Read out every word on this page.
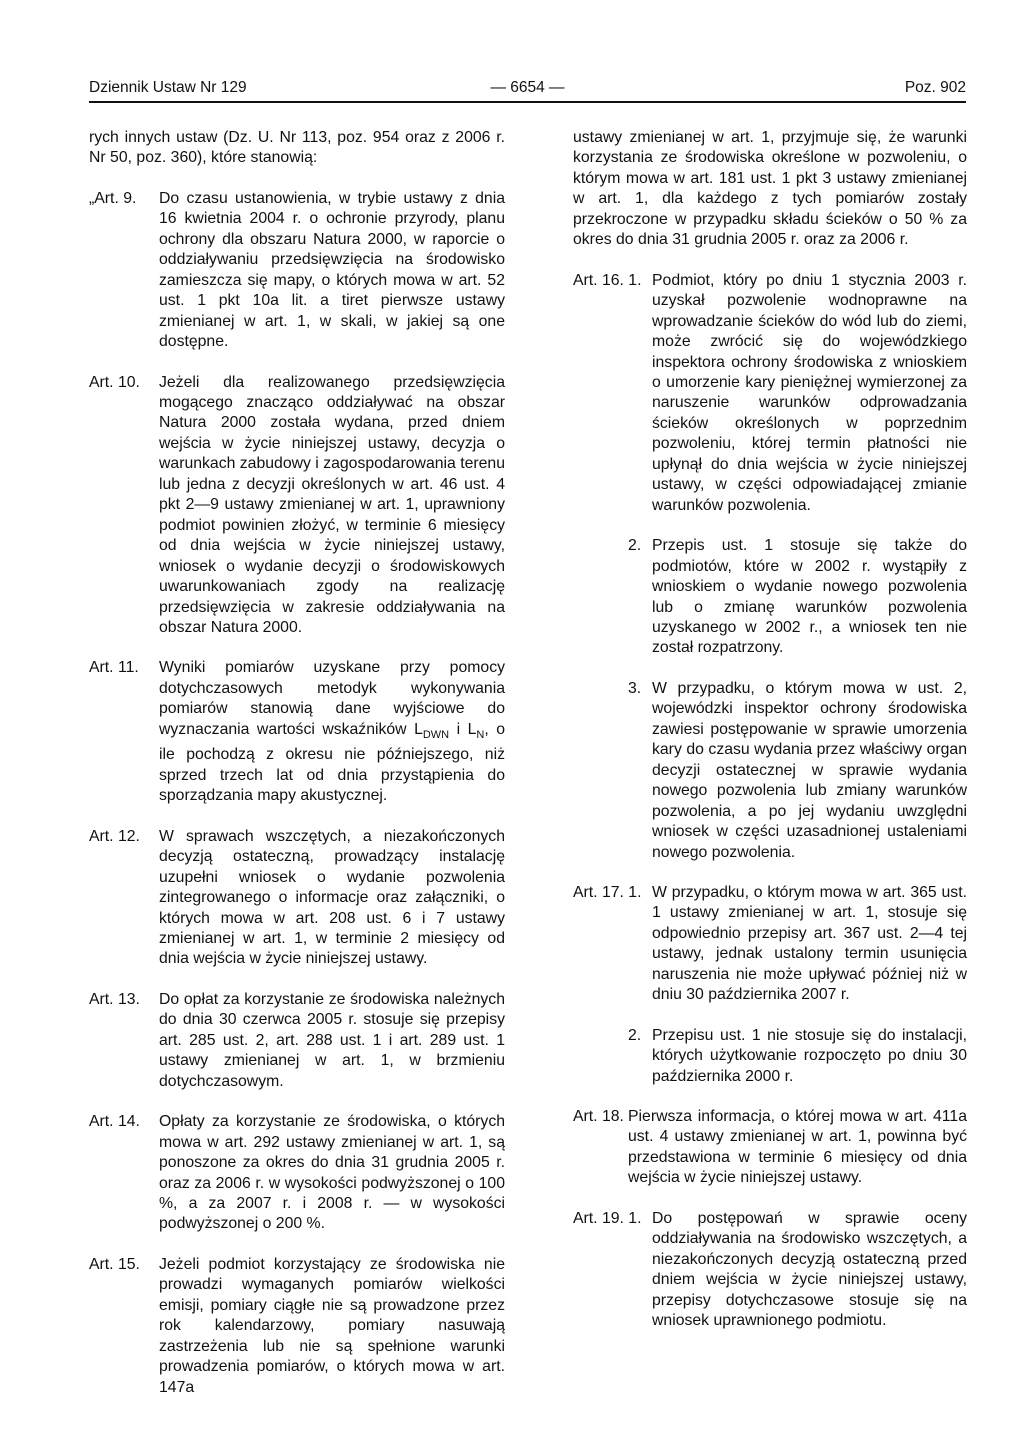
Dziennik Ustaw Nr 129	— 6654 —	Poz. 902

rych innych ustaw (Dz. U. Nr 113, poz. 954 oraz z 2006 r. Nr 50, poz. 360), które stanowią:

„Art. 9.	Do czasu ustanowienia, w trybie ustawy z dnia 16 kwietnia 2004 r. o ochronie przyrody, planu ochrony dla obszaru Natura 2000, w raporcie o oddziaływaniu przedsięwzięcia na środowisko zamieszcza się mapy, o których mowa w art. 52 ust. 1 pkt 10a lit. a tiret pierwsze ustawy zmienianej w art. 1, w skali, w jakiej są one dostępne.
Art. 10.	Jeżeli dla realizowanego przedsięwzięcia mogącego znacząco oddziaływać na obszar Natura 2000 została wydana, przed dniem wejścia w życie niniejszej ustawy, decyzja o warunkach zabudowy i zagospodarowania terenu lub jedna z decyzji określonych w art. 46 ust. 4 pkt 2—9 ustawy zmienianej w art. 1, uprawniony podmiot powinien złożyć, w terminie 6 miesięcy od dnia wejścia w życie niniejszej ustawy, wniosek o wydanie decyzji o środowiskowych uwarunkowaniach zgody na realizację przedsięwzięcia w zakresie oddziaływania na obszar Natura 2000.
Art. 11.	Wyniki pomiarów uzyskane przy pomocy dotychczasowych metodyk wykonywania pomiarów stanowią dane wyjściowe do wyznaczania wartości wskaźników $L_{DWN}$ i $L_N$, o ile pochodzą z okresu nie późniejszego, niż sprzed trzech lat od dnia przystąpienia do sporządzania mapy akustycznej.
Art. 12.	W sprawach wszczętych, a niezakończonych decyzją ostateczną, prowadzący instalację uzupełni wniosek o wydanie pozwolenia zintegrowanego o informacje oraz załączniki, o których mowa w art. 208 ust. 6 i 7 ustawy zmienianej w art. 1, w terminie 2 miesięcy od dnia wejścia w życie niniejszej ustawy.
Art. 13.	Do opłat za korzystanie ze środowiska należnych do dnia 30 czerwca 2005 r. stosuje się przepisy art. 285 ust. 2, art. 288 ust. 1 i art. 289 ust. 1 ustawy zmienianej w art. 1, w brzmieniu dotychczasowym.
Art. 14.	Opłaty za korzystanie ze środowiska, o których mowa w art. 292 ustawy zmienianej w art. 1, są ponoszone za okres do dnia 31 grudnia 2005 r. oraz za 2006 r. w wysokości podwyższonej o 100 %, a za 2007 r. i 2008 r. — w wysokości podwyższonej o 200 %.
Art. 15.	Jeżeli podmiot korzystający ze środowiska nie prowadzi wymaganych pomiarów wielkości emisji, pomiary ciągłe nie są prowadzone przez rok kalendarzowy, pomiary nasuwają zastrzeżenia lub nie są spełnione warunki prowadzenia pomiarów, o których mowa w art. 147a

ustawy zmienianej w art. 1, przyjmuje się, że warunki korzystania ze środowiska określone w pozwoleniu, o którym mowa w art. 181 ust. 1 pkt 3 ustawy zmienianej w art. 1, dla każdego z tych pomiarów zostały przekroczone w przypadku składu ścieków o 50 % za okres do dnia 31 grudnia 2005 r. oraz za 2006 r.

Art. 16. 1. Podmiot, który po dniu 1 stycznia 2003 r. uzyskał pozwolenie wodnoprawne na wprowadzanie ścieków do wód lub do ziemi, może zwrócić się do wojewódzkiego inspektora ochrony środowiska z wnioskiem o umorzenie kary pieniężnej wymierzonej za naruszenie warunków odprowadzania ścieków określonych w poprzednim pozwoleniu, której termin płatności nie upłynął do dnia wejścia w życie niniejszej ustawy, w części odpowiadającej zmianie warunków pozwolenia.
2. Przepis ust. 1 stosuje się także do podmiotów, które w 2002 r. wystąpiły z wnioskiem o wydanie nowego pozwolenia lub o zmianę warunków pozwolenia uzyskanego w 2002 r., a wniosek ten nie został rozpatrzony.
3. W przypadku, o którym mowa w ust. 2, wojewódzki inspektor ochrony środowiska zawiesi postępowanie w sprawie umorzenia kary do czasu wydania przez właściwy organ decyzji ostatecznej w sprawie wydania nowego pozwolenia lub zmiany warunków pozwolenia, a po jej wydaniu uwzględni wniosek w części uzasadnionej ustaleniami nowego pozwolenia.
Art. 17. 1. W przypadku, o którym mowa w art. 365 ust. 1 ustawy zmienianej w art. 1, stosuje się odpowiednio przepisy art. 367 ust. 2—4 tej ustawy, jednak ustalony termin usunięcia naruszenia nie może upływać później niż w dniu 30 października 2007 r.
2. Przepisu ust. 1 nie stosuje się do instalacji, których użytkowanie rozpoczęto po dniu 30 października 2000 r.
Art. 18. Pierwsza informacja, o której mowa w art. 411a ust. 4 ustawy zmienianej w art. 1, powinna być przedstawiona w terminie 6 miesięcy od dnia wejścia w życie niniejszej ustawy.
Art. 19. 1. Do postępowań w sprawie oceny oddziaływania na środowisko wszczętych, a niezakończonych decyzją ostateczną przed dniem wejścia w życie niniejszej ustawy, przepisy dotychczasowe stosuje się na wniosek uprawnionego podmiotu.
